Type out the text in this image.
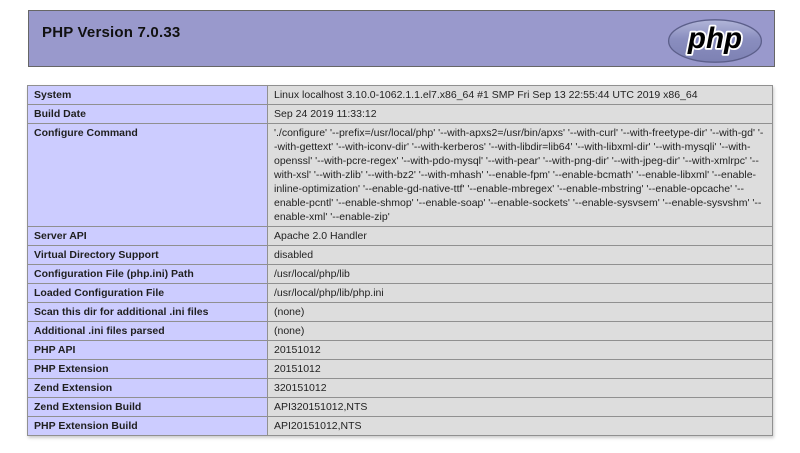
PHP Version 7.0.33	php
System	Linux localhost 3.10.0-1062.1.1.el7.x86_64 #1 SMP Fri Sep 13 22:55:44 UTC 2019 x86_64
Build Date	Sep 24 2019 11:33:12
Configure Command	'./configure' '--prefix=/usr/local/php' '--with-apxs2=/usr/bin/apxs' '--with-curl' '--with-freetype-dir' '--with-gd' '--with-gettext' '--with-iconv-dir' '--with-kerberos' '--with-libdir=lib64' '--with-libxml-dir' '--with-mysqli' '--with-openssl' '--with-pcre-regex' '--with-pdo-mysql' '--with-pear' '--with-png-dir' '--with-jpeg-dir' '--with-xmlrpc' '--with-xsl' '--with-zlib' '--with-bz2' '--with-mhash' '--enable-fpm' '--enable-bcmath' '--enable-libxml' '--enable-inline-optimization' '--enable-gd-native-ttf' '--enable-mbregex' '--enable-mbstring' '--enable-opcache' '--enable-pcntl' '--enable-shmop' '--enable-soap' '--enable-sockets' '--enable-sysvsem' '--enable-sysvshm' '--enable-xml' '--enable-zip'
Server API	Apache 2.0 Handler
Virtual Directory Support	disabled
Configuration File (php.ini) Path	/usr/local/php/lib
Loaded Configuration File	/usr/local/php/lib/php.ini
Scan this dir for additional .ini files	(none)
Additional .ini files parsed	(none)
PHP API	20151012
PHP Extension	20151012
Zend Extension	320151012
Zend Extension Build	API320151012,NTS
PHP Extension Build	API20151012,NTS
